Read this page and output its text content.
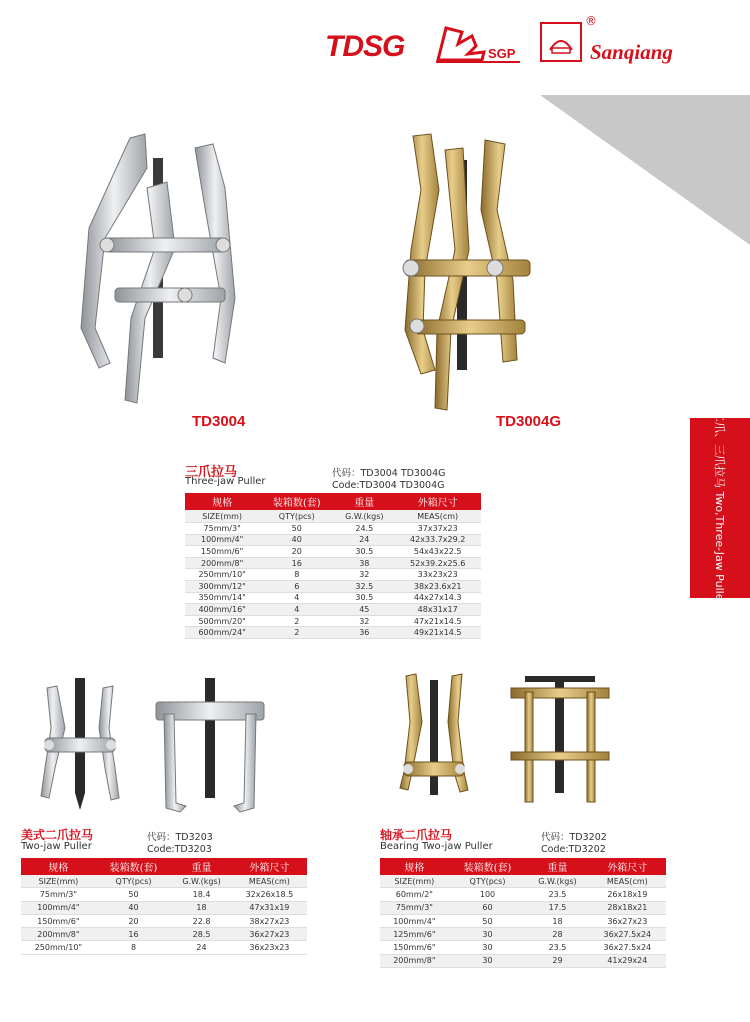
TDSG	SGP
®
Sanqiang
二爪、三爪拉马 Two,Three-Jaw Puller
TD3004	TD3004G
三爪拉马
Three-jaw Puller
代码：TD3004 TD3004G
Code:TD3004 TD3004G
规格	装箱数(套)	重量	外箱尺寸
SIZE(mm)	QTY(pcs)	G.W.(kgs)	MEAS(cm)
75mm/3"	50	24.5	37x37x23
100mm/4"	40	24	42x33.7x29.2
150mm/6"	20	30.5	54x43x22.5
200mm/8"	16	38	52x39.2x25.6
250mm/10"	8	32	33x23x23
300mm/12"	6	32.5	38x23.6x21
350mm/14"	4	30.5	44x27x14.3
400mm/16"	4	45	48x31x17
500mm/20"	2	32	47x21x14.5
600mm/24"	2	36	49x21x14.5
美式二爪拉马
Two-jaw Puller
代码：TD3203
Code:TD3203
规格	装箱数(套)	重量	外箱尺寸
SIZE(mm)	QTY(pcs)	G.W.(kgs)	MEAS(cm)
75mm/3"	50	18.4	32x26x18.5
100mm/4"	40	18	47x31x19
150mm/6"	20	22.8	38x27x23
200mm/8"	16	28.5	36x27x23
250mm/10"	8	24	36x23x23
轴承二爪拉马
Bearing Two-jaw Puller
代码：TD3202
Code:TD3202
规格	装箱数(套)	重量	外箱尺寸
SIZE(mm)	QTY(pcs)	G.W.(kgs)	MEAS(cm)
60mm/2"	100	23.5	26x18x19
75mm/3"	60	17.5	28x18x21
100mm/4"	50	18	36x27x23
125mm/6"	30	28	36x27.5x24
150mm/6"	30	23.5	36x27.5x24
200mm/8"	30	29	41x29x24
